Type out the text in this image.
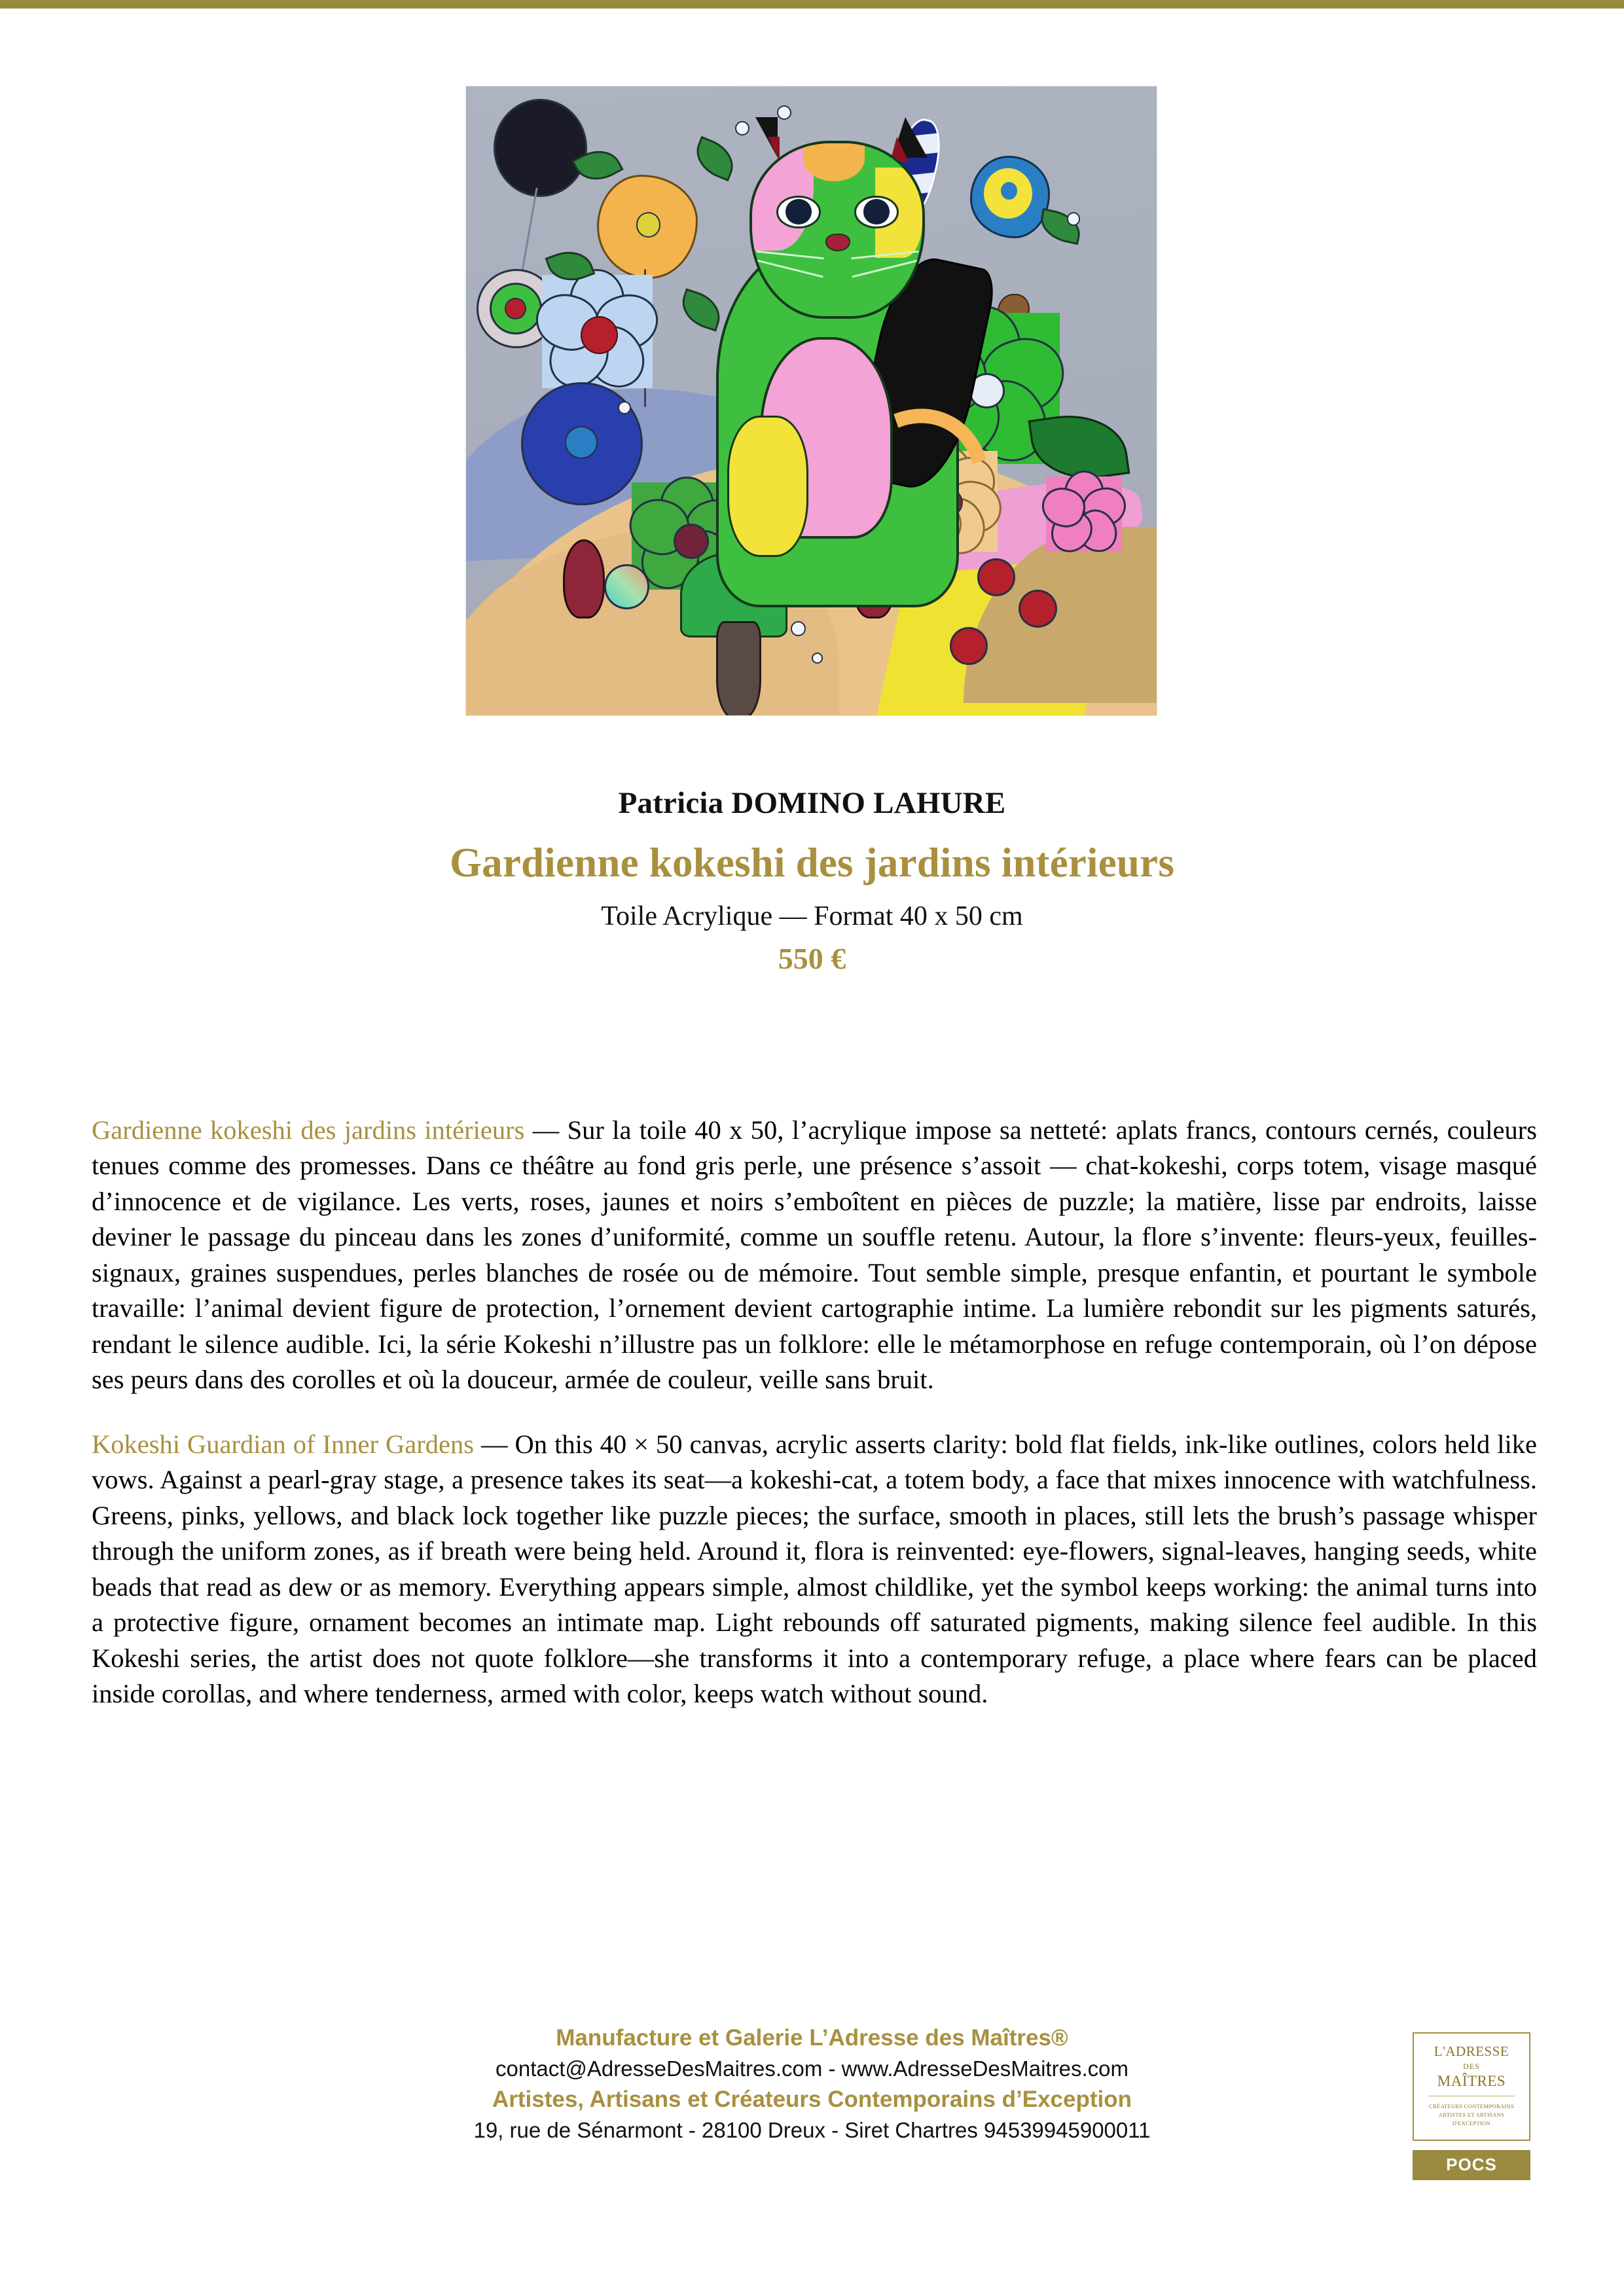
Patricia DOMINO LAHURE
Gardienne kokeshi des jardins intérieurs
Toile Acrylique — Format 40 x 50 cm
550 €

Gardienne kokeshi des jardins intérieurs — Sur la toile 40 x 50, l’acrylique impose sa netteté: aplats francs, contours cernés, couleurs tenues comme des promesses. Dans ce théâtre au fond gris perle, une présence s’assoit — chat-kokeshi, corps totem, visage masqué d’innocence et de vigilance. Les verts, roses, jaunes et noirs s’emboîtent en pièces de puzzle; la matière, lisse par endroits, laisse deviner le passage du pinceau dans les zones d’uniformité, comme un souffle retenu. Autour, la flore s’invente: fleurs-yeux, feuilles-signaux, graines suspendues, perles blanches de rosée ou de mémoire. Tout semble simple, presque enfantin, et pourtant le symbole travaille: l’animal devient figure de protection, l’ornement devient cartographie intime. La lumière rebondit sur les pigments saturés, rendant le silence audible. Ici, la série Kokeshi n’illustre pas un folklore: elle le métamorphose en refuge contemporain, où l’on dépose ses peurs dans des corolles et où la douceur, armée de couleur, veille sans bruit.

Kokeshi Guardian of Inner Gardens — On this 40 × 50 canvas, acrylic asserts clarity: bold flat fields, ink-like outlines, colors held like vows. Against a pearl-gray stage, a presence takes its seat—a kokeshi-cat, a totem body, a face that mixes innocence with watchfulness. Greens, pinks, yellows, and black lock together like puzzle pieces; the surface, smooth in places, still lets the brush’s passage whisper through the uniform zones, as if breath were being held. Around it, flora is reinvented: eye-flowers, signal-leaves, hanging seeds, white beads that read as dew or as memory. Everything appears simple, almost childlike, yet the symbol keeps working: the animal turns into a protective figure, ornament becomes an intimate map. Light rebounds off saturated pigments, making silence feel audible. In this Kokeshi series, the artist does not quote folklore—she transforms it into a contemporary refuge, a place where fears can be placed inside corollas, and where tenderness, armed with color, keeps watch without sound.

Manufacture et Galerie L’Adresse des Maîtres®
contact@AdresseDesMaitres.com - www.AdresseDesMaitres.com
Artistes, Artisans et Créateurs Contemporains d’Exception
19, rue de Sénarmont - 28100 Dreux - Siret Chartres 94539945900011
L'ADRESSE
DES
MAÎTRES
CRÉATEURS CONTEMPORAINS
ARTISTES ET ARTISANS
D'EXCEPTION
POCS
